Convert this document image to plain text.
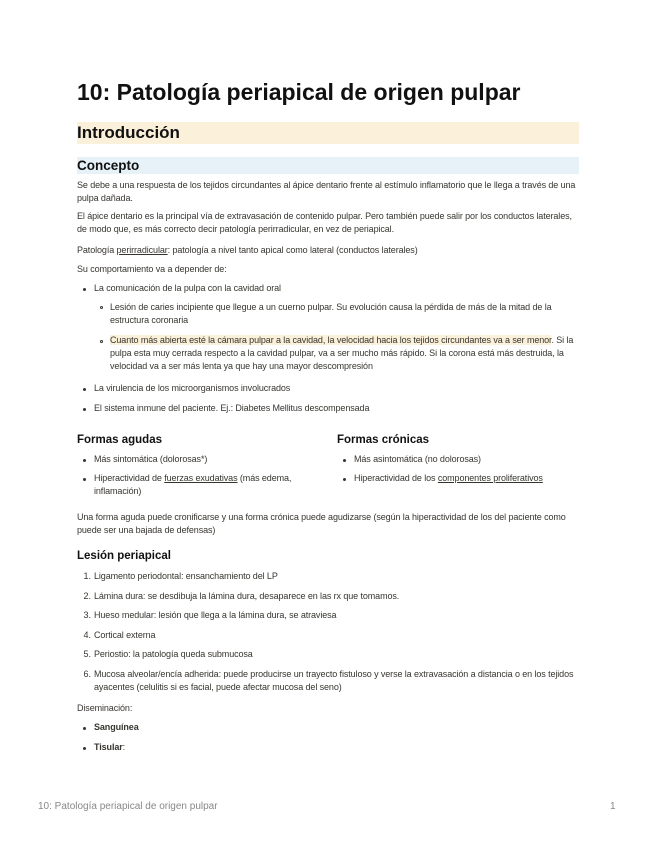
10: Patología periapical de origen pulpar
Introducción
Concepto
Se debe a una respuesta de los tejidos circundantes al ápice dentario frente al estímulo inflamatorio que le llega a través de una pulpa dañada.
El ápice dentario es la principal vía de extravasación de contenido pulpar. Pero también puede salir por los conductos laterales, de modo que, es más correcto decir patología perirradicular, en vez de periapical.
Patología perirradicular: patología a nivel tanto apical como lateral (conductos laterales)
Su comportamiento va a depender de:
La comunicación de la pulpa con la cavidad oral
Lesión de caries incipiente que llegue a un cuerno pulpar. Su evolución causa la pérdida de más de la mitad de la estructura coronaria
Cuanto más abierta esté la cámara pulpar a la cavidad, la velocidad hacia los tejidos circundantes va a ser menor. Si la pulpa esta muy cerrada respecto a la cavidad pulpar, va a ser mucho más rápido. Si la corona está más destruida, la velocidad va a ser más lenta ya que hay una mayor descompresión
La virulencia de los microorganismos involucrados
El sistema inmune del paciente. Ej.: Diabetes Mellitus descompensada
Formas agudas
Más sintomática (dolorosas*)
Hiperactividad de fuerzas exudativas (más edema, inflamación)
Formas crónicas
Más asintomática (no dolorosas)
Hiperactividad de los componentes proliferativos
Una forma aguda puede cronificarse y una forma crónica puede agudizarse (según la hiperactividad de los del paciente como puede ser una bajada de defensas)
Lesión periapical
1. Ligamento periodontal: ensanchamiento del LP
2. Lámina dura: se desdibuja la lámina dura, desaparece en las rx que tomamos.
3. Hueso medular: lesión que llega a la lámina dura, se atraviesa
4. Cortical externa
5. Periostio: la patología queda submucosa
6. Mucosa alveolar/encía adherida: puede producirse un trayecto fistuloso y verse la extravasación a distancia o en los tejidos ayacentes (celulitis si es facial, puede afectar mucosa del seno)
Diseminación:
Sanguínea
Tisular:
10: Patología periapical de origen pulpar	1
